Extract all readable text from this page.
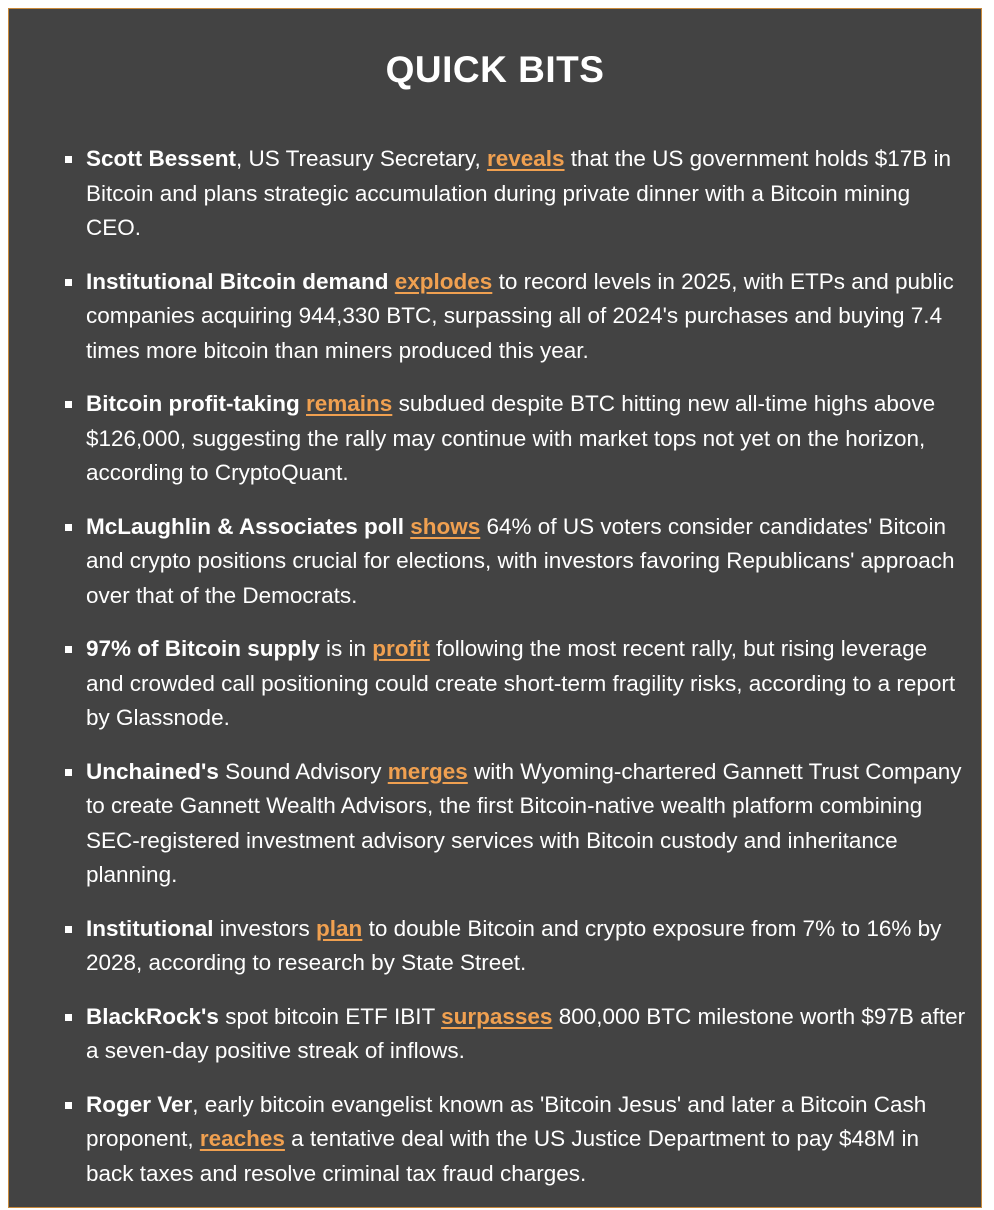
QUICK BITS
Scott Bessent, US Treasury Secretary, reveals that the US government holds $17B in Bitcoin and plans strategic accumulation during private dinner with a Bitcoin mining CEO.
Institutional Bitcoin demand explodes to record levels in 2025, with ETPs and public companies acquiring 944,330 BTC, surpassing all of 2024's purchases and buying 7.4 times more bitcoin than miners produced this year.
Bitcoin profit-taking remains subdued despite BTC hitting new all-time highs above $126,000, suggesting the rally may continue with market tops not yet on the horizon, according to CryptoQuant.
McLaughlin & Associates poll shows 64% of US voters consider candidates' Bitcoin and crypto positions crucial for elections, with investors favoring Republicans' approach over that of the Democrats.
97% of Bitcoin supply is in profit following the most recent rally, but rising leverage and crowded call positioning could create short-term fragility risks, according to a report by Glassnode.
Unchained's Sound Advisory merges with Wyoming-chartered Gannett Trust Company to create Gannett Wealth Advisors, the first Bitcoin-native wealth platform combining SEC-registered investment advisory services with Bitcoin custody and inheritance planning.
Institutional investors plan to double Bitcoin and crypto exposure from 7% to 16% by 2028, according to research by State Street.
BlackRock's spot bitcoin ETF IBIT surpasses 800,000 BTC milestone worth $97B after a seven-day positive streak of inflows.
Roger Ver, early bitcoin evangelist known as 'Bitcoin Jesus' and later a Bitcoin Cash proponent, reaches a tentative deal with the US Justice Department to pay $48M in back taxes and resolve criminal tax fraud charges.
